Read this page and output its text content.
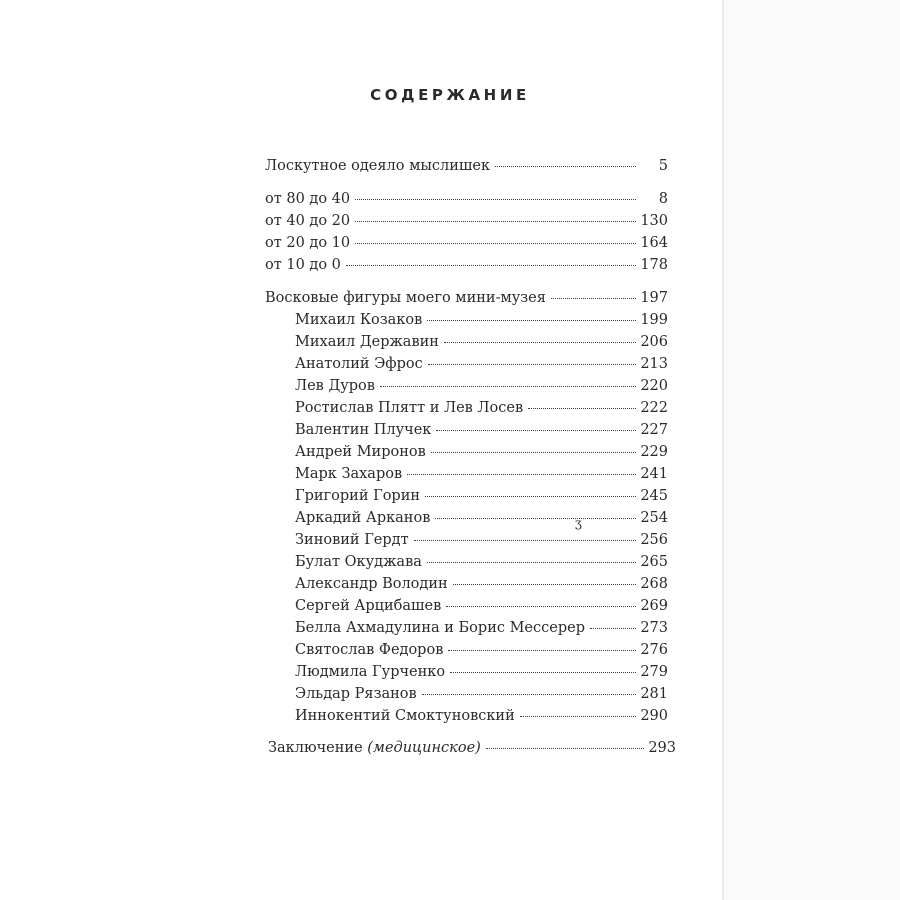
СОДЕРЖАНИЕ
Лоскутное одеяло мыслишек	5
от 80 до 40	8
от 40 до 20	130
от 20 до 10	164
от 10 до 0	178
Восковые фигуры моего мини-музея	197
Михаил Козаков	199
Михаил Державин	206
Анатолий Эфрос	213
Лев Дуров	220
Ростислав Плятт и Лев Лосев	222
Валентин Плучек	227
Андрей Миронов	229
Марк Захаров	241
Григорий Горин	245
Аркадий Арканов	254
Зиновий Гердт	256
Булат Окуджава	265
Александр Володин	268
Сергей Арцибашев	269
Белла Ахмадулина и Борис Мессерер	273
Святослав Федоров	276
Людмила Гурченко	279
Эльдар Рязанов	281
Иннокентий Смоктуновский	290
Заключение (медицинское)	293
ʒ
